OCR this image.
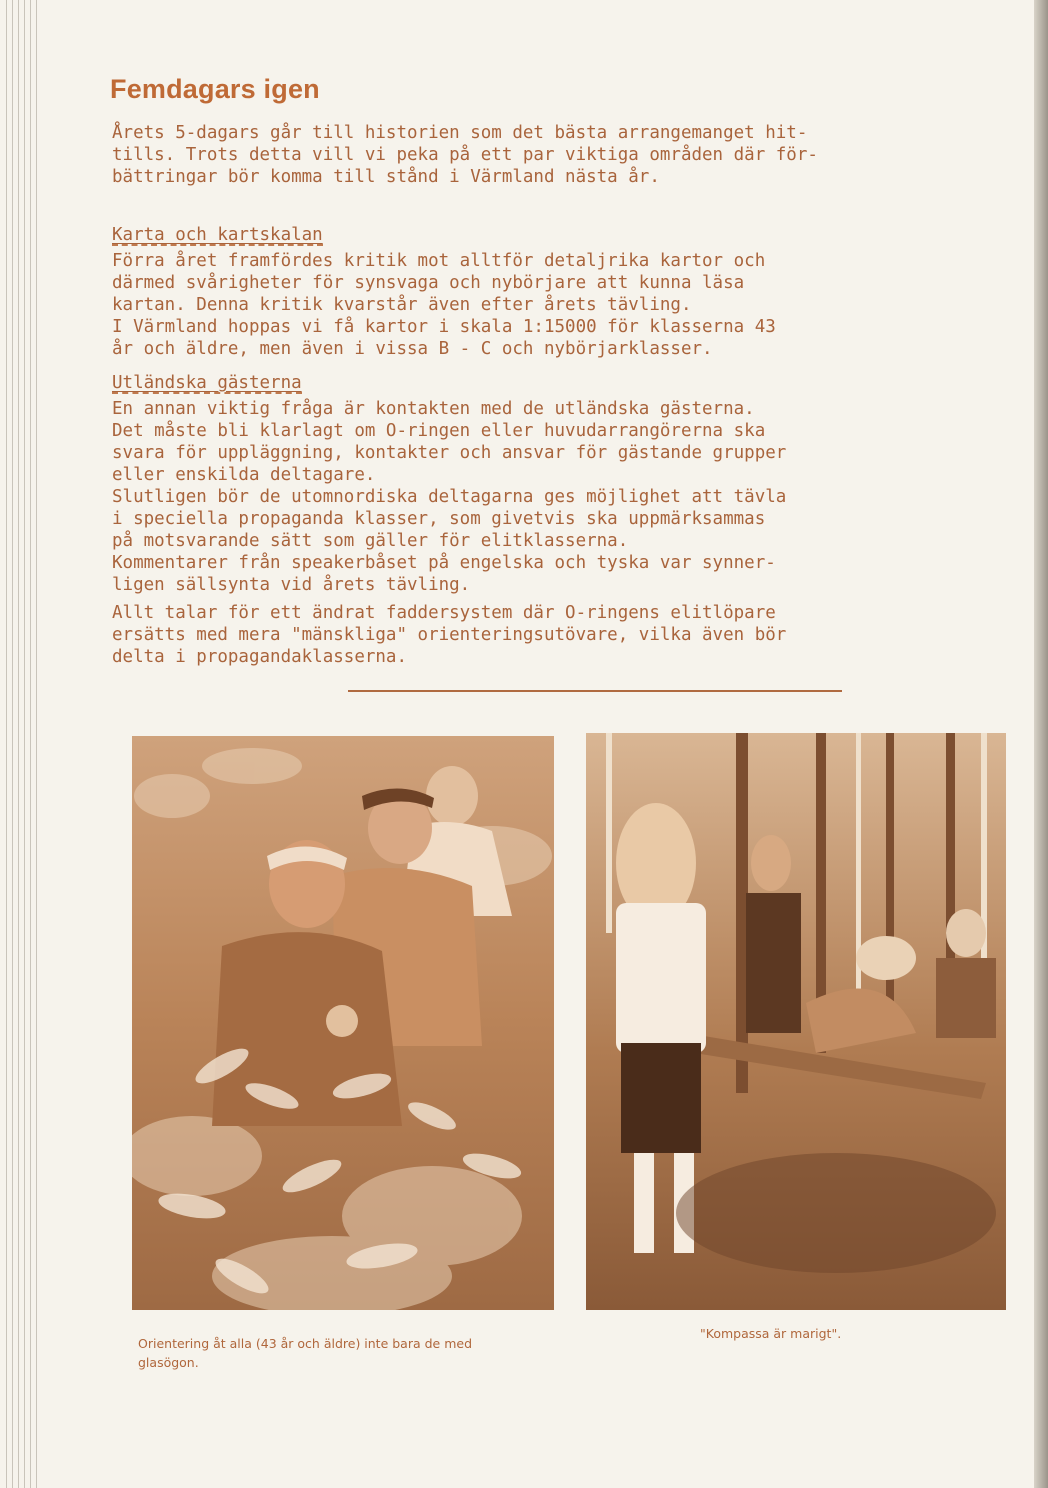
Femdagars igen

Årets 5-dagars går till historien som det bästa arrangemanget hit-

tills. Trots detta vill vi peka på ett par viktiga områden där för-

bättringar bör komma till stånd i Värmland nästa år.

Karta och kartskalan

Förra året framfördes kritik mot alltför detaljrika kartor och

därmed svårigheter för synsvaga och nybörjare att kunna läsa

kartan. Denna kritik kvarstår även efter årets tävling.

I Värmland hoppas vi få kartor i skala 1:15000 för klasserna 43

år och äldre, men även i vissa B - C och nybörjarklasser.

Utländska gästerna

En annan viktig fråga är kontakten med de utländska gästerna.

Det måste bli klarlagt om O-ringen eller huvudarrangörerna ska

svara för uppläggning, kontakter och ansvar för gästande grupper

eller enskilda deltagare.

Slutligen bör de utomnordiska deltagarna ges möjlighet att tävla

i speciella propaganda klasser, som givetvis ska uppmärksammas

på motsvarande sätt som gäller för elitklasserna.

Kommentarer från speakerbåset på engelska och tyska var synner-

ligen sällsynta vid årets tävling.

Allt talar för ett ändrat faddersystem där O-ringens elitlöpare

ersätts med mera "mänskliga" orienteringsutövare, vilka även bör

delta i propagandaklasserna.

Orientering åt alla (43 år och äldre) inte bara de med
glasögon.
"Kompassa är marigt".
